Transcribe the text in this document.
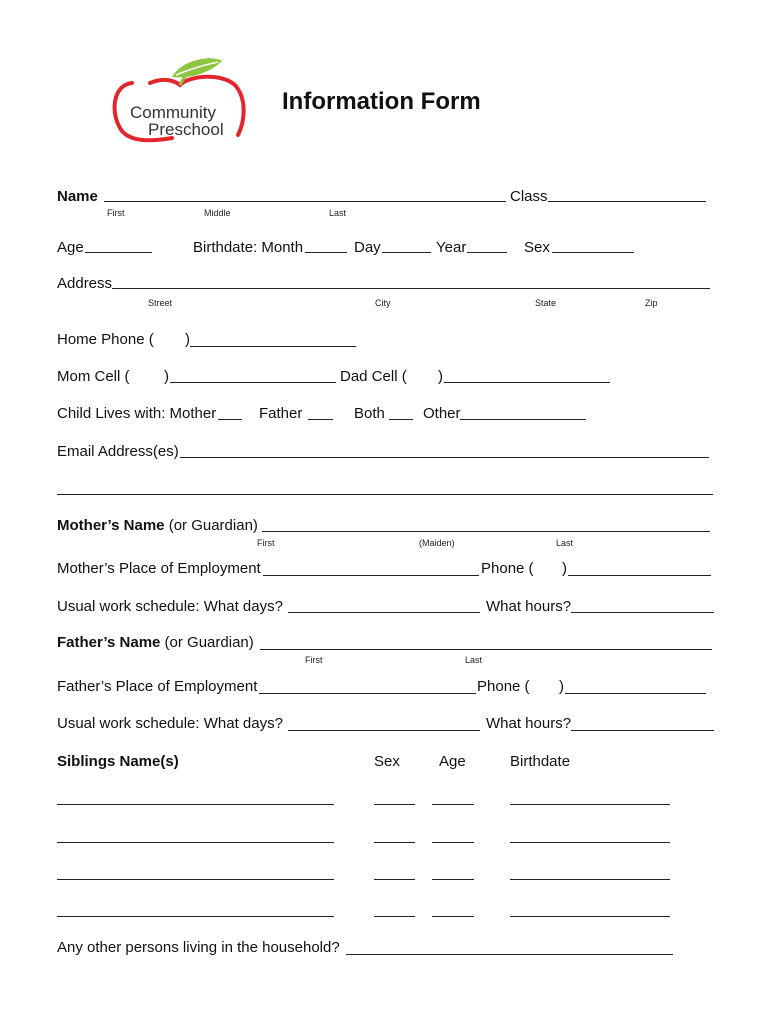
Community
Preschool
Information Form
Name	Class
First	Middle	Last
Age	Birthdate: Month	Day	Year	Sex
Address
Street	City	State	Zip
Home Phone ( )
Mom Cell ( )	Dad Cell ( )
Child Lives with: Mother	Father	Both	Other
Email Address(es)
Mother’s Name (or Guardian)
First	(Maiden)	Last
Mother’s Place of Employment	Phone ( )
Usual work schedule: What days?	What hours?
Father’s Name (or Guardian)
First	Last
Father’s Place of Employment	Phone ( )
Usual work schedule: What days?	What hours?
Siblings Name(s)	Sex	Age	Birthdate
Any other persons living in the household?
